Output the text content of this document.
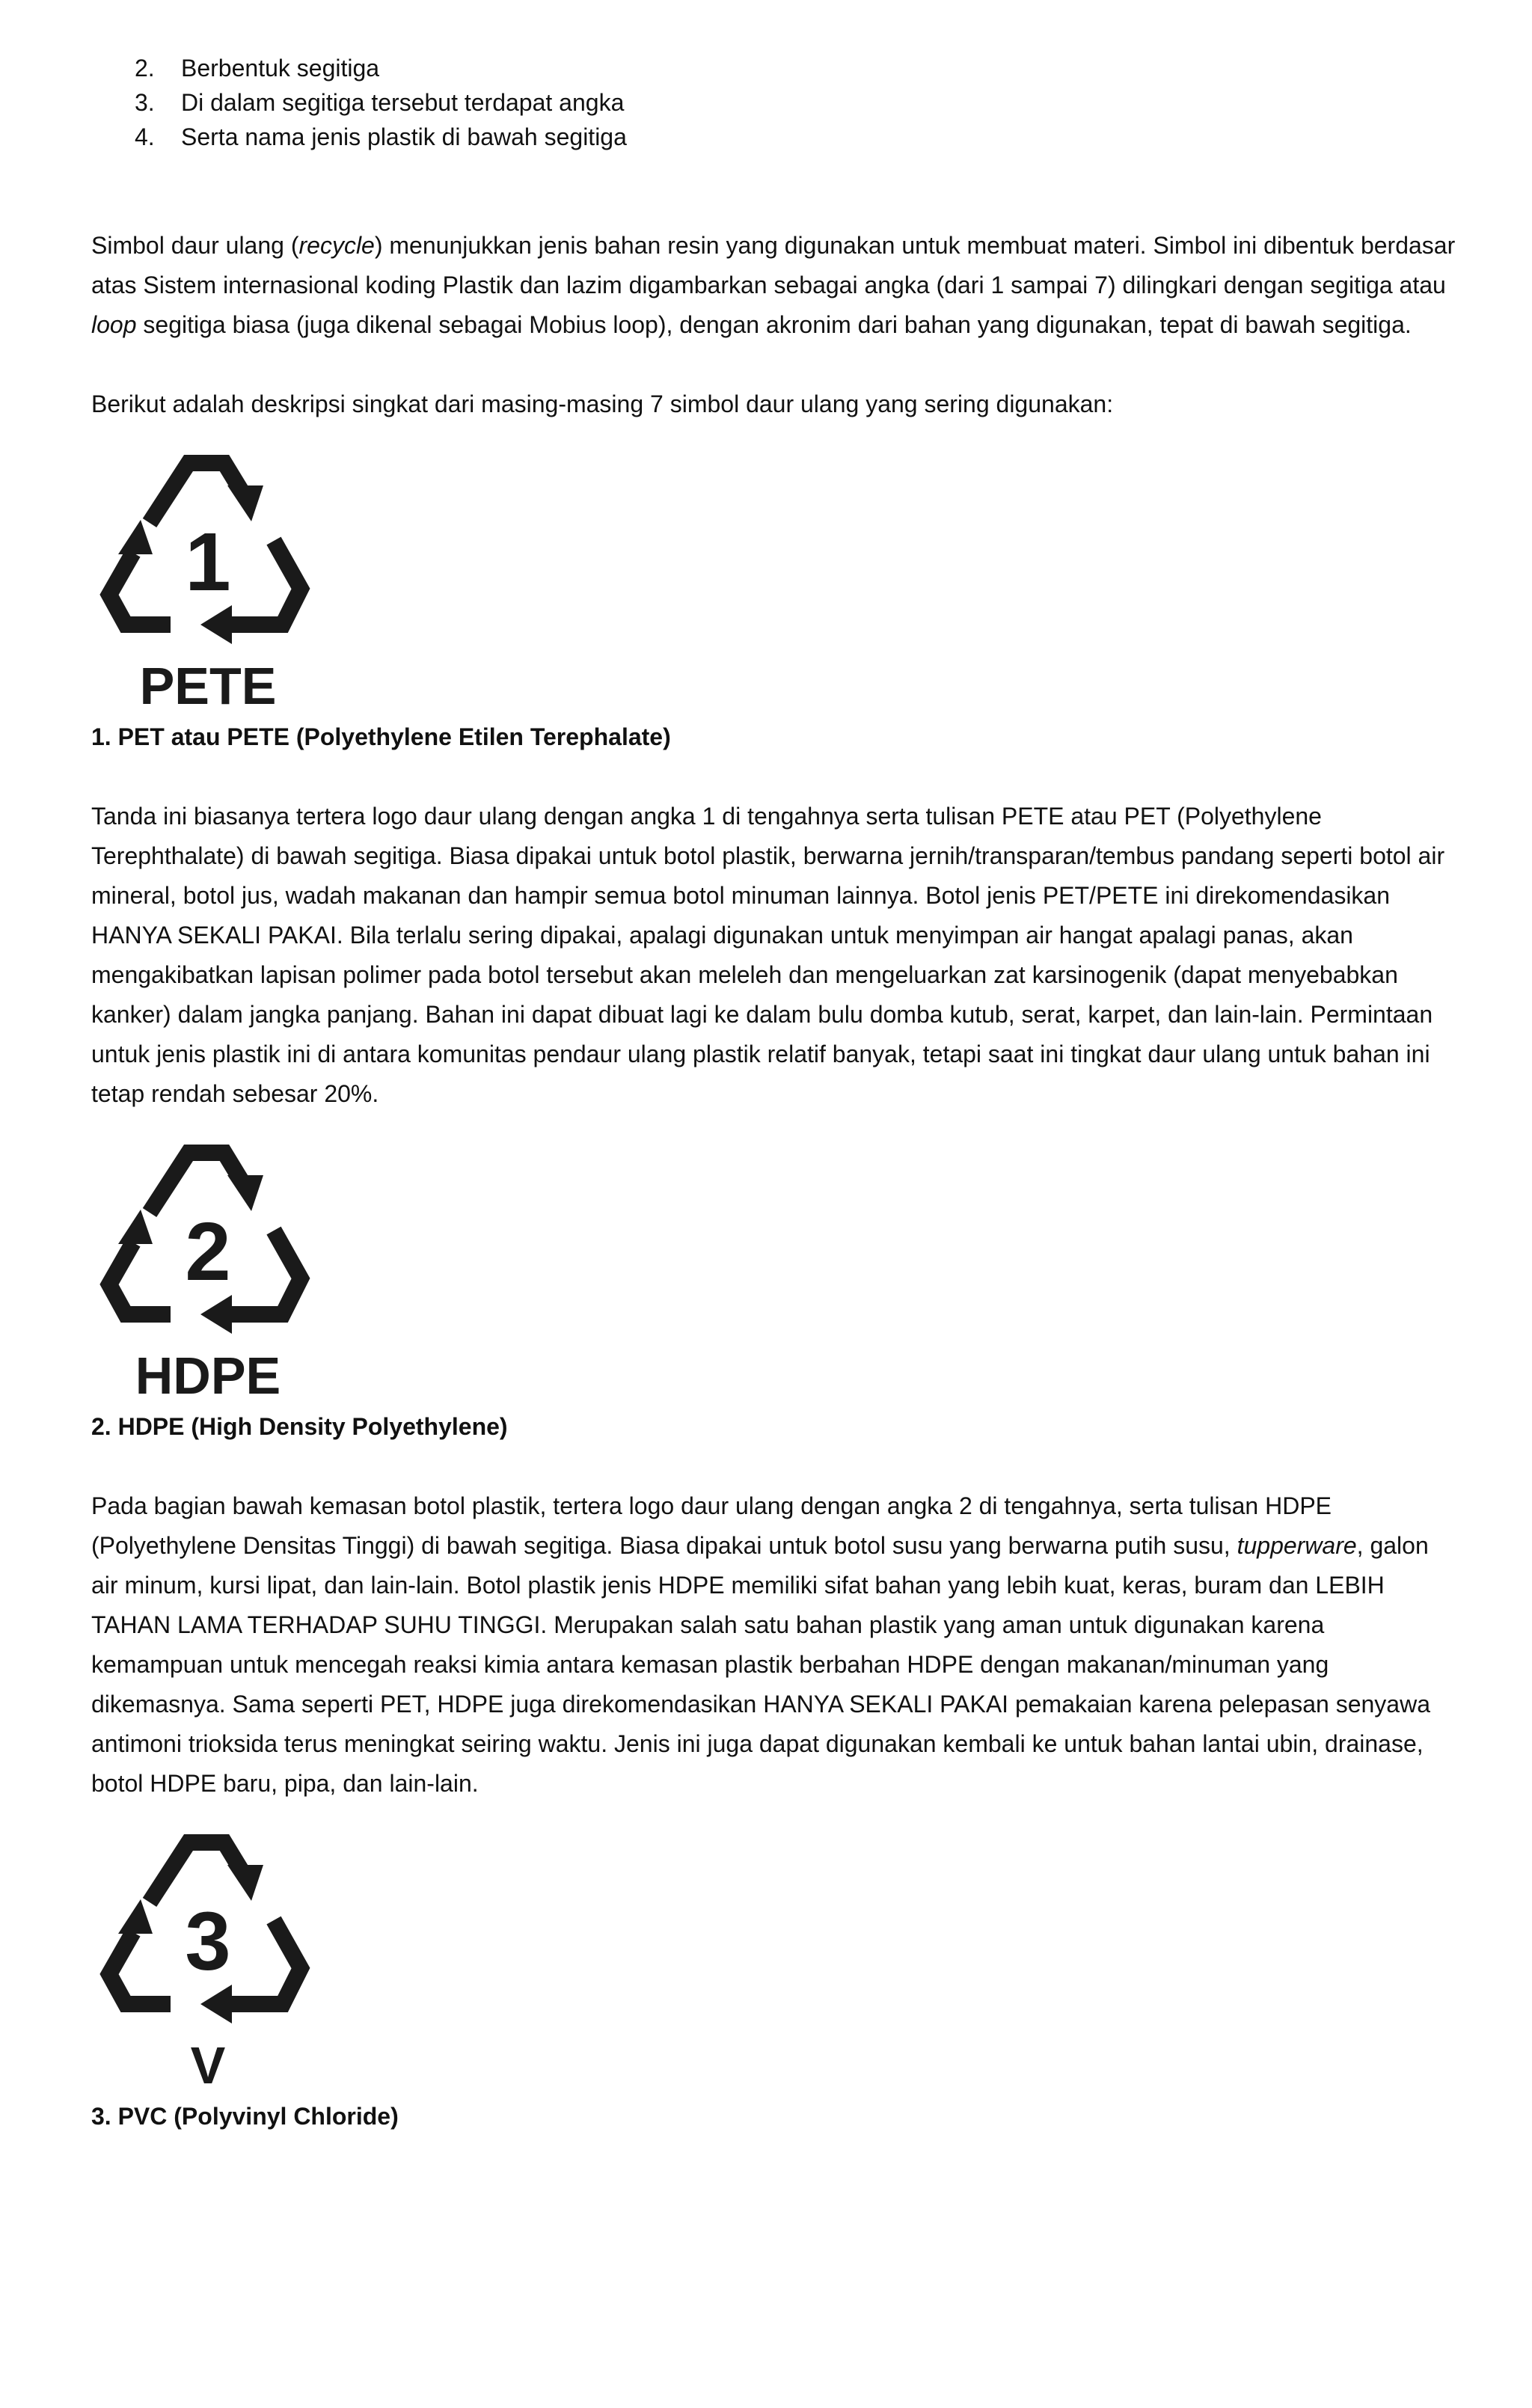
2. Berbentuk segitiga
3. Di dalam segitiga tersebut terdapat angka
4. Serta nama jenis plastik di bawah segitiga

Simbol daur ulang (recycle) menunjukkan jenis bahan resin yang digunakan untuk membuat materi. Simbol ini dibentuk berdasar atas Sistem internasional koding Plastik dan lazim digambarkan sebagai angka (dari 1 sampai 7) dilingkari dengan segitiga atau loop segitiga biasa (juga dikenal sebagai Mobius loop), dengan akronim dari bahan yang digunakan, tepat di bawah segitiga.

Berikut adalah deskripsi singkat dari masing-masing 7 simbol daur ulang yang sering digunakan:

1
PETE
1. PET atau PETE (Polyethylene Etilen Terephalate)

Tanda ini biasanya tertera logo daur ulang dengan angka 1 di tengahnya serta tulisan PETE atau PET (Polyethylene Terephthalate) di bawah segitiga. Biasa dipakai untuk botol plastik, berwarna jernih/transparan/tembus pandang seperti botol air mineral, botol jus, wadah makanan dan hampir semua botol minuman lainnya. Botol jenis PET/PETE ini direkomendasikan HANYA SEKALI PAKAI. Bila terlalu sering dipakai, apalagi digunakan untuk menyimpan air hangat apalagi panas, akan mengakibatkan lapisan polimer pada botol tersebut akan meleleh dan mengeluarkan zat karsinogenik (dapat menyebabkan kanker) dalam jangka panjang. Bahan ini dapat dibuat lagi ke dalam bulu domba kutub, serat, karpet, dan lain-lain. Permintaan untuk jenis plastik ini di antara komunitas pendaur ulang plastik relatif banyak, tetapi saat ini tingkat daur ulang untuk bahan ini tetap rendah sebesar 20%.

2
HDPE
2. HDPE (High Density Polyethylene)

Pada bagian bawah kemasan botol plastik, tertera logo daur ulang dengan angka 2 di tengahnya, serta tulisan HDPE (Polyethylene Densitas Tinggi) di bawah segitiga. Biasa dipakai untuk botol susu yang berwarna putih susu, tupperware, galon air minum, kursi lipat, dan lain-lain. Botol plastik jenis HDPE memiliki sifat bahan yang lebih kuat, keras, buram dan LEBIH TAHAN LAMA TERHADAP SUHU TINGGI. Merupakan salah satu bahan plastik yang aman untuk digunakan karena kemampuan untuk mencegah reaksi kimia antara kemasan plastik berbahan HDPE dengan makanan/minuman yang dikemasnya. Sama seperti PET, HDPE juga direkomendasikan HANYA SEKALI PAKAI pemakaian karena pelepasan senyawa antimoni trioksida terus meningkat seiring waktu. Jenis ini juga dapat digunakan kembali ke untuk bahan lantai ubin, drainase, botol HDPE baru, pipa, dan lain-lain.

3
V
3. PVC (Polyvinyl Chloride)
